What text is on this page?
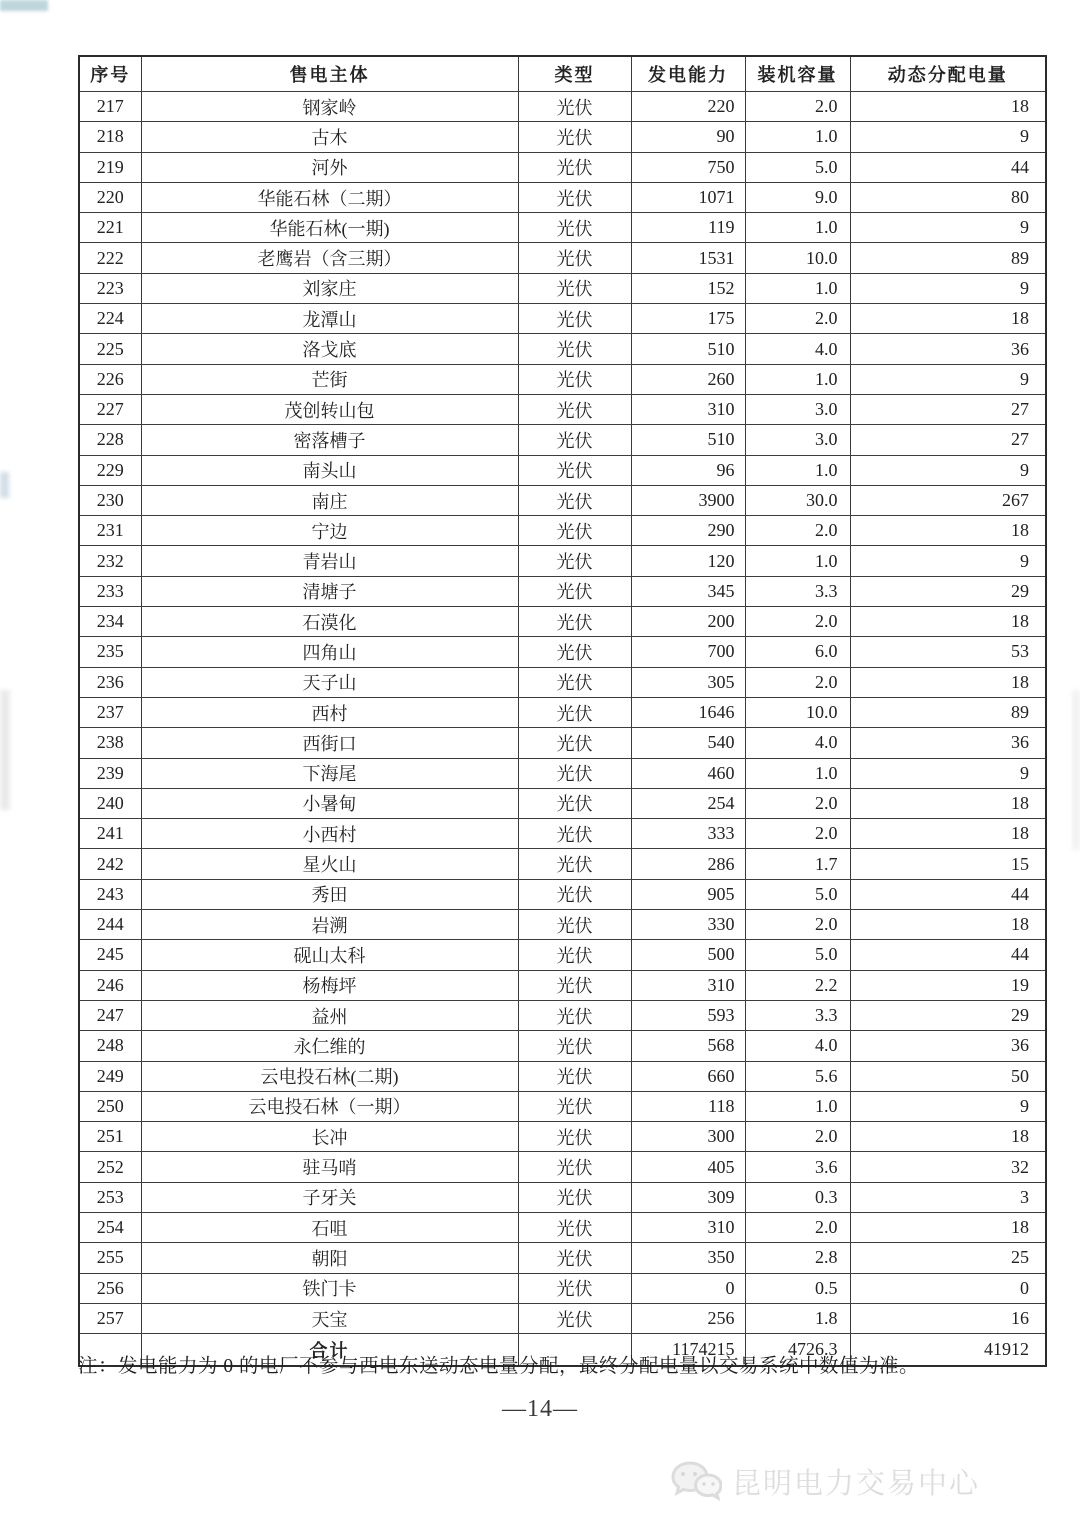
序号	售电主体	类型	发电能力	装机容量	动态分配电量
217	钢家岭	光伏	220	2.0	18
218	古木	光伏	90	1.0	9
219	河外	光伏	750	5.0	44
220	华能石林（二期）	光伏	1071	9.0	80
221	华能石林(一期)	光伏	119	1.0	9
222	老鹰岩（含三期）	光伏	1531	10.0	89
223	刘家庄	光伏	152	1.0	9
224	龙潭山	光伏	175	2.0	18
225	洛戈底	光伏	510	4.0	36
226	芒街	光伏	260	1.0	9
227	茂创转山包	光伏	310	3.0	27
228	密落槽子	光伏	510	3.0	27
229	南头山	光伏	96	1.0	9
230	南庄	光伏	3900	30.0	267
231	宁边	光伏	290	2.0	18
232	青岩山	光伏	120	1.0	9
233	清塘子	光伏	345	3.3	29
234	石漠化	光伏	200	2.0	18
235	四角山	光伏	700	6.0	53
236	天子山	光伏	305	2.0	18
237	西村	光伏	1646	10.0	89
238	西街口	光伏	540	4.0	36
239	下海尾	光伏	460	1.0	9
240	小暑甸	光伏	254	2.0	18
241	小西村	光伏	333	2.0	18
242	星火山	光伏	286	1.7	15
243	秀田	光伏	905	5.0	44
244	岩溯	光伏	330	2.0	18
245	砚山太科	光伏	500	5.0	44
246	杨梅坪	光伏	310	2.2	19
247	益州	光伏	593	3.3	29
248	永仁维的	光伏	568	4.0	36
249	云电投石林(二期)	光伏	660	5.6	50
250	云电投石林（一期）	光伏	118	1.0	9
251	长冲	光伏	300	2.0	18
252	驻马哨	光伏	405	3.6	32
253	子牙关	光伏	309	0.3	3
254	石咀	光伏	310	2.0	18
255	朝阳	光伏	350	2.8	25
256	铁门卡	光伏	0	0.5	0
257	天宝	光伏	256	1.8	16
	合计		1174215	4726.3	41912

注：发电能力为 0 的电厂不参与西电东送动态电量分配，最终分配电量以交易系统中数值为准。

—14—
昆明电力交易中心
